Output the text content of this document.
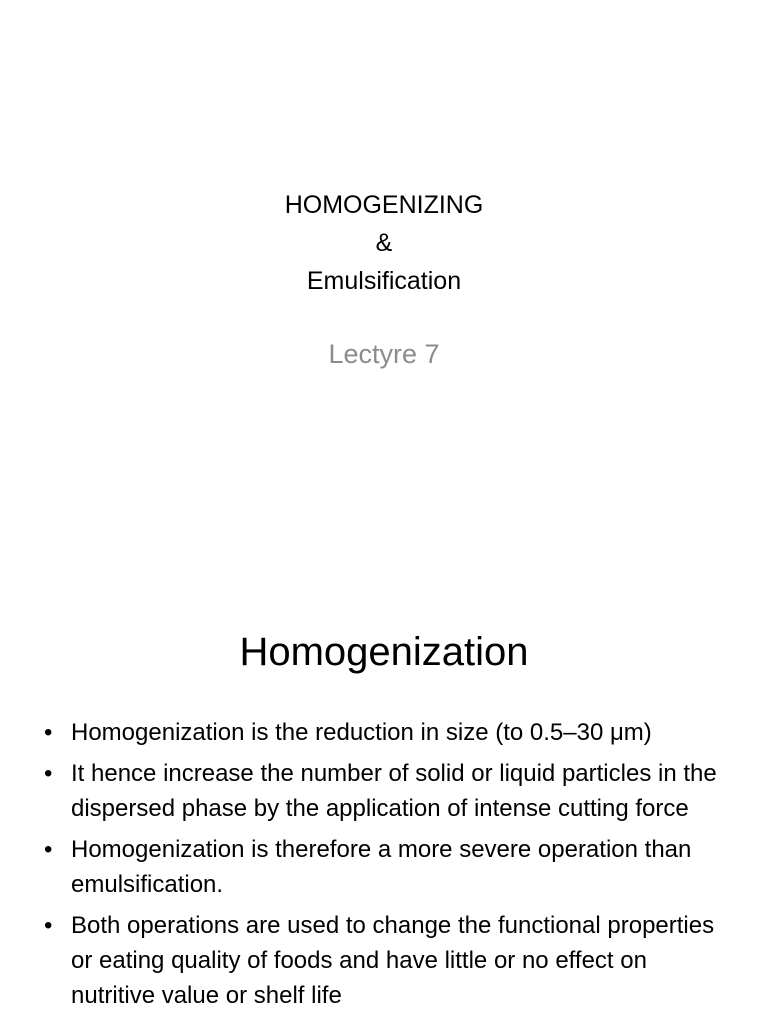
HOMOGENIZING
&
Emulsification
Lectyre 7
Homogenization
• Homogenization is the reduction in size (to 0.5–30 μm)
• It hence increase the number of solid or liquid particles in the dispersed phase by the application of intense cutting force
• Homogenization is therefore a more severe operation than emulsification.
• Both operations are used to change the functional properties or eating quality of foods and have little or no effect on nutritive value or shelf life
